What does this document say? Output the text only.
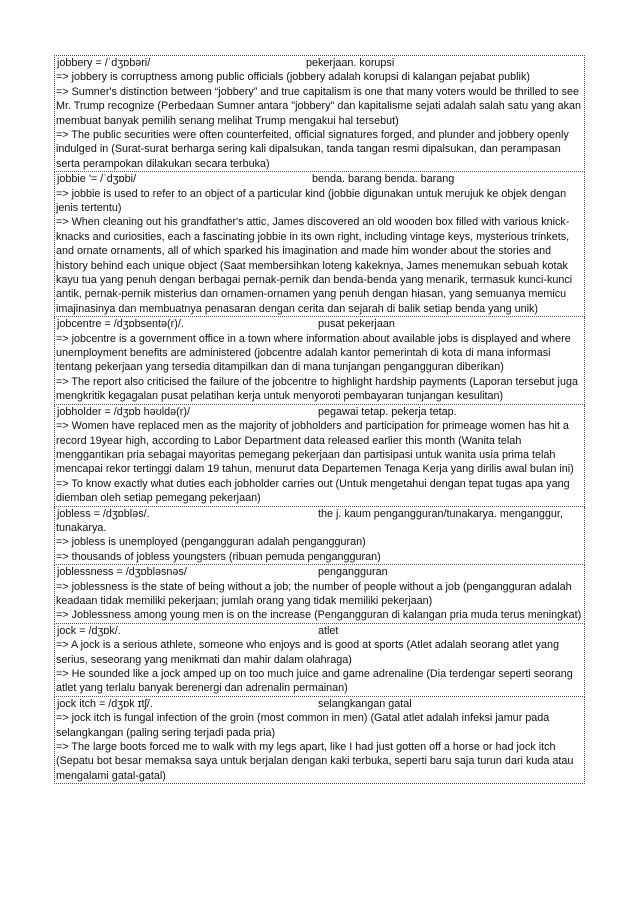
jobbery = /ˈdʒɒbəri/	pekerjaan. korupsi
=> jobbery is corruptness among public officials (jobbery adalah korupsi di kalangan pejabat publik)
=> Sumner's distinction between “jobbery” and true capitalism is one that many voters would be thrilled to see Mr. Trump recognize (Perbedaan Sumner antara "jobbery" dan kapitalisme sejati adalah salah satu yang akan membuat banyak pemilih senang melihat Trump mengakui hal tersebut)
=> The public securities were often counterfeited, official signatures forged, and plunder and jobbery openly indulged in (Surat-surat berharga sering kali dipalsukan, tanda tangan resmi dipalsukan, dan perampasan serta perampokan dilakukan secara terbuka)
jobbie '= /ˈdʒɒbi/	benda. barang benda. barang
=> jobbie is used to refer to an object of a particular kind (jobbie digunakan untuk merujuk ke objek dengan jenis tertentu)
=> When cleaning out his grandfather's attic, James discovered an old wooden box filled with various knick-knacks and curiosities, each a fascinating jobbie in its own right, including vintage keys, mysterious trinkets, and ornate ornaments, all of which sparked his imagination and made him wonder about the stories and history behind each unique object (Saat membersihkan loteng kakeknya, James menemukan sebuah kotak kayu tua yang penuh dengan berbagai pernak-pernik dan benda-benda yang menarik, termasuk kunci-kunci antik, pernak-pernik misterius dan ornamen-ornamen yang penuh dengan hiasan, yang semuanya memicu imajinasinya dan membuatnya penasaran dengan cerita dan sejarah di balik setiap benda yang unik)
jobcentre = /dʒɒbsentə(r)/.	pusat pekerjaan
=> jobcentre is a government office in a town where information about available jobs is displayed and where unemployment benefits are administered (jobcentre adalah kantor pemerintah di kota di mana informasi tentang pekerjaan yang tersedia ditampilkan dan di mana tunjangan pengangguran diberikan)
=> The report also criticised the failure of the jobcentre to highlight hardship payments (Laporan tersebut juga mengkritik kegagalan pusat pelatihan kerja untuk menyoroti pembayaran tunjangan kesulitan)
jobholder = /dʒɒb həʊldə(r)/	pegawai tetap. pekerja tetap.
=> Women have replaced men as the majority of jobholders and participation for primeage women has hit a record 19year high, according to Labor Department data released earlier this month (Wanita telah menggantikan pria sebagai mayoritas pemegang pekerjaan dan partisipasi untuk wanita usia prima telah mencapai rekor tertinggi dalam 19 tahun, menurut data Departemen Tenaga Kerja yang dirilis awal bulan ini)
=> To know exactly what duties each jobholder carries out (Untuk mengetahui dengan tepat tugas apa yang diemban oleh setiap pemegang pekerjaan)
jobless = /dʒɒbləs/.	the j. kaum pengangguran/tunakarya. menganggur,
tunakarya.
=> jobless is unemployed (pengangguran adalah pengangguran)
=> thousands of jobless youngsters (ribuan pemuda pengangguran)
joblessness = /dʒɒbləsnəs/	pengangguran
=> joblessness is the state of being without a job; the number of people without a job (pengangguran adalah keadaan tidak memiliki pekerjaan; jumlah orang yang tidak memiliki pekerjaan)
=> Joblessness among young men is on the increase (Pengangguran di kalangan pria muda terus meningkat)
jock = /dʒɒk/.	atlet
=> A jock is a serious athlete, someone who enjoys and is good at sports (Atlet adalah seorang atlet yang serius, seseorang yang menikmati dan mahir dalam olahraga)
=> He sounded like a jock amped up on too much juice and game adrenaline (Dia terdengar seperti seorang atlet yang terlalu banyak berenergi dan adrenalin permainan)
jock itch = /dʒɒk ɪtʃ/.	selangkangan gatal
=> jock itch is fungal infection of the groin (most common in men) (Gatal atlet adalah infeksi jamur pada selangkangan (paling sering terjadi pada pria)
=> The large boots forced me to walk with my legs apart, like I had just gotten off a horse or had jock itch (Sepatu bot besar memaksa saya untuk berjalan dengan kaki terbuka, seperti baru saja turun dari kuda atau mengalami gatal-gatal)
